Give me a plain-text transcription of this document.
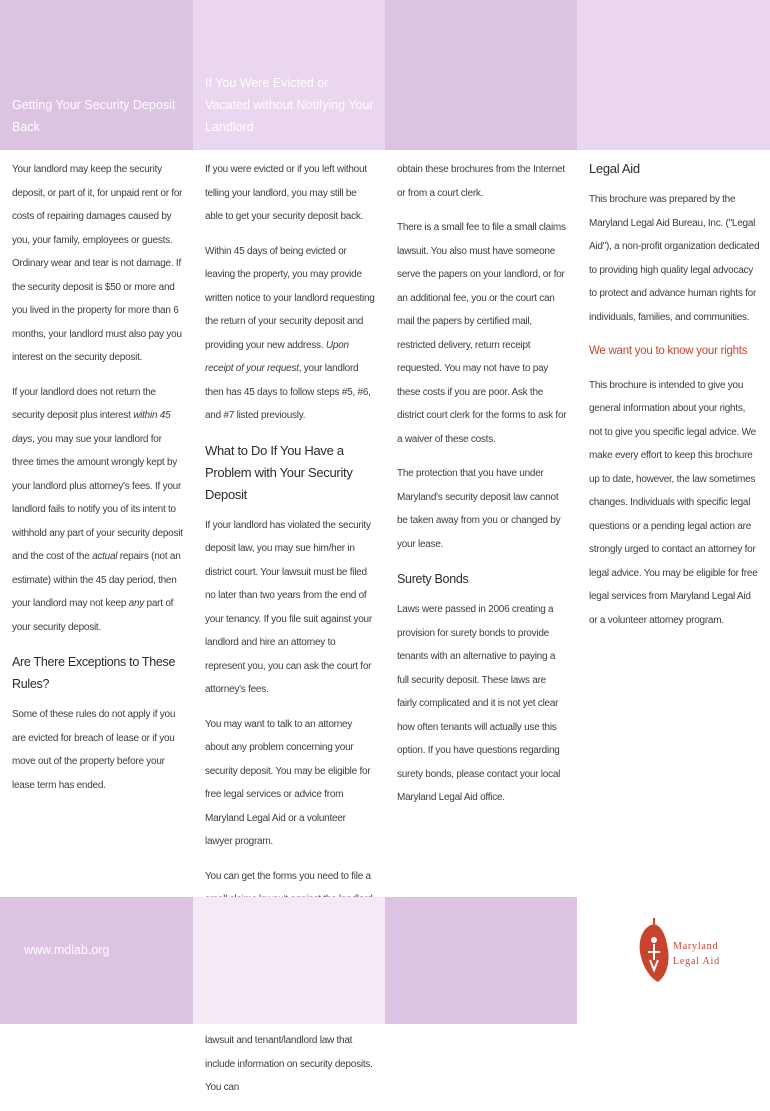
Getting Your Security Deposit Back

Your landlord may keep the security deposit, or part of it, for unpaid rent or for costs of repairing damages caused by you, your family, employees or guests. Ordinary wear and tear is not damage. If the security deposit is $50 or more and you lived in the property for more than 6 months, your landlord must also pay you interest on the security deposit.

If your landlord does not return the security deposit plus interest within 45 days, you may sue your landlord for three times the amount wrongly kept by your landlord plus attorney's fees. If your landlord fails to notify you of its intent to withhold any part of your security deposit and the cost of the actual repairs (not an estimate) within the 45 day period, then your landlord may not keep any part of your security deposit.

Are There Exceptions to These Rules?

Some of these rules do not apply if you are evicted for breach of lease or if you move out of the property before your lease term has ended.

www.mdlab.org
If You Were Evicted or Vacated without Notifying Your Landlord

If you were evicted or if you left without telling your landlord, you may still be able to get your security deposit back.

Within 45 days of being evicted or leaving the property, you may provide written notice to your landlord requesting the return of your security deposit and providing your new address. Upon receipt of your request, your landlord then has 45 days to follow steps #5, #6, and #7 listed previously.

What to Do If You Have a Problem with Your Security Deposit

If your landlord has violated the security deposit law, you may sue him/her in district court. Your lawsuit must be filed no later than two years from the end of your tenancy. If you file suit against your landlord and hire an attorney to represent you, you can ask the court for attorney's fees.

You may want to talk to an attorney about any problem concerning your security deposit. You may be eligible for free legal services or advice from Maryland Legal Aid or a volunteer lawyer program.

You can get the forms you need to file a lawsuit and tenant/landlord law that include information on security deposits. You can

obtain these brochures from the Internet or from a court clerk.

There is a small fee to file a small claims lawsuit. You also must have someone serve the papers on your landlord, or for an additional fee, you or the court can mail the papers by certified mail, restricted delivery, return receipt requested. You may not have to pay these costs if you are poor. Ask the district court clerk for the forms to ask for a waiver of these costs.

The protection that you have under Maryland's security deposit law cannot be taken away from you or changed by your lease.

Surety Bonds

Laws were passed in 2006 creating a provision for surety bonds to provide tenants with an alternative to paying a full security deposit. These laws are fairly complicated and it is not yet clear how often tenants will actually use this option. If you have questions regarding surety bonds, please contact your local Maryland Legal Aid office.

Legal Aid

This brochure was prepared by the Maryland Legal Aid Bureau, Inc. ("Legal Aid"), a non-profit organization dedicated to providing high quality legal advocacy to protect and advance human rights for individuals, families, and communities.

We want you to know your rights

This brochure is intended to give you general information about your rights, not to give you specific legal advice. We make every effort to keep this brochure up to date, however, the law sometimes changes. Individuals with specific legal questions or a pending legal action are strongly urged to contact an attorney for legal advice. You may be eligible for free legal services from Maryland Legal Aid or a volunteer attorney program.

Maryland
Legal Aid
